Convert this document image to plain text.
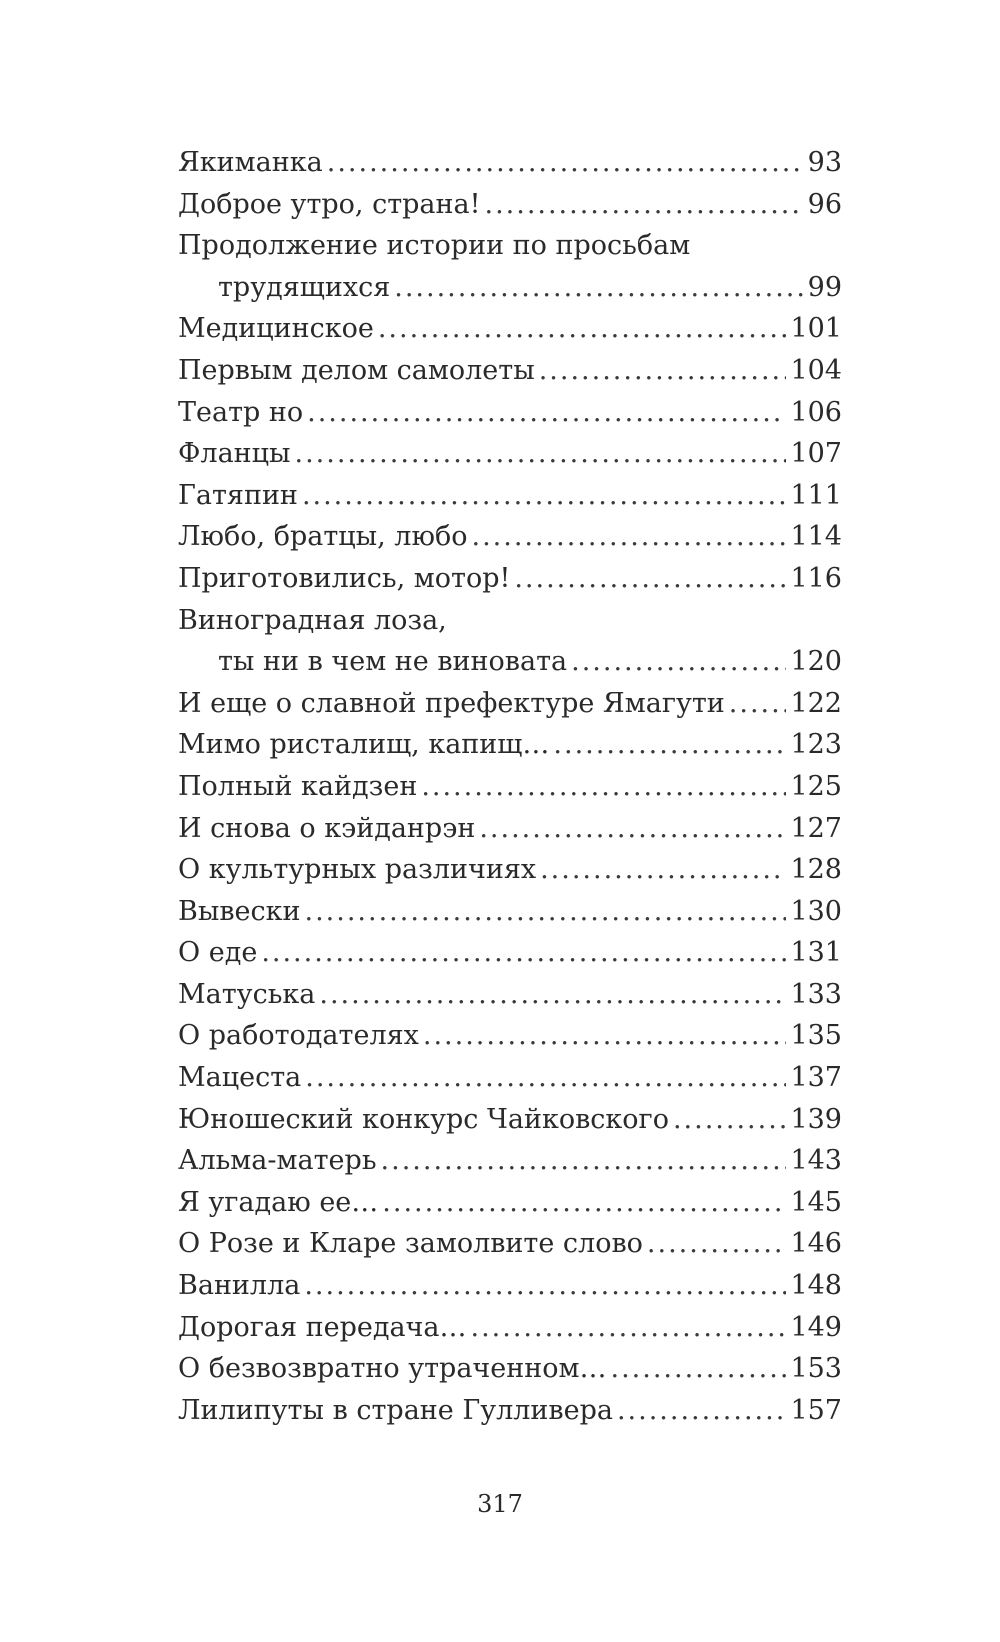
Якиманка .....	93
Доброе утро, страна! .....	96
Продолжение истории по просьбам
трудящихся .....	99
Медицинское .....	101
Первым делом самолеты .....	104
Театр но .....	106
Фланцы .....	107
Гатяпин .....	111
Любо, братцы, любо .....	114
Приготовились, мотор! .....	116
Виноградная лоза,
ты ни в чем не виновата .....	120
И еще о славной префектуре Ямагути ..... 122
Мимо ристалищ, капищ… .....	123
Полный кайдзен .....	125
И снова о кэйданрэн .....	127
О культурных различиях .....	128
Вывески .....	130
О еде .....	131
Матуська .....	133
О работодателях .....	135
Мацеста .....	137
Юношеский конкурс Чайковского .....	139
Альма-матерь .....	143
Я угадаю ее… .....	145
О Розе и Кларе замолвите слово .....	146
Ванилла .....	148
Дорогая передача… .....	149
О безвозвратно утраченном… .....	153
Лилипуты в стране Гулливера .....	157
317
